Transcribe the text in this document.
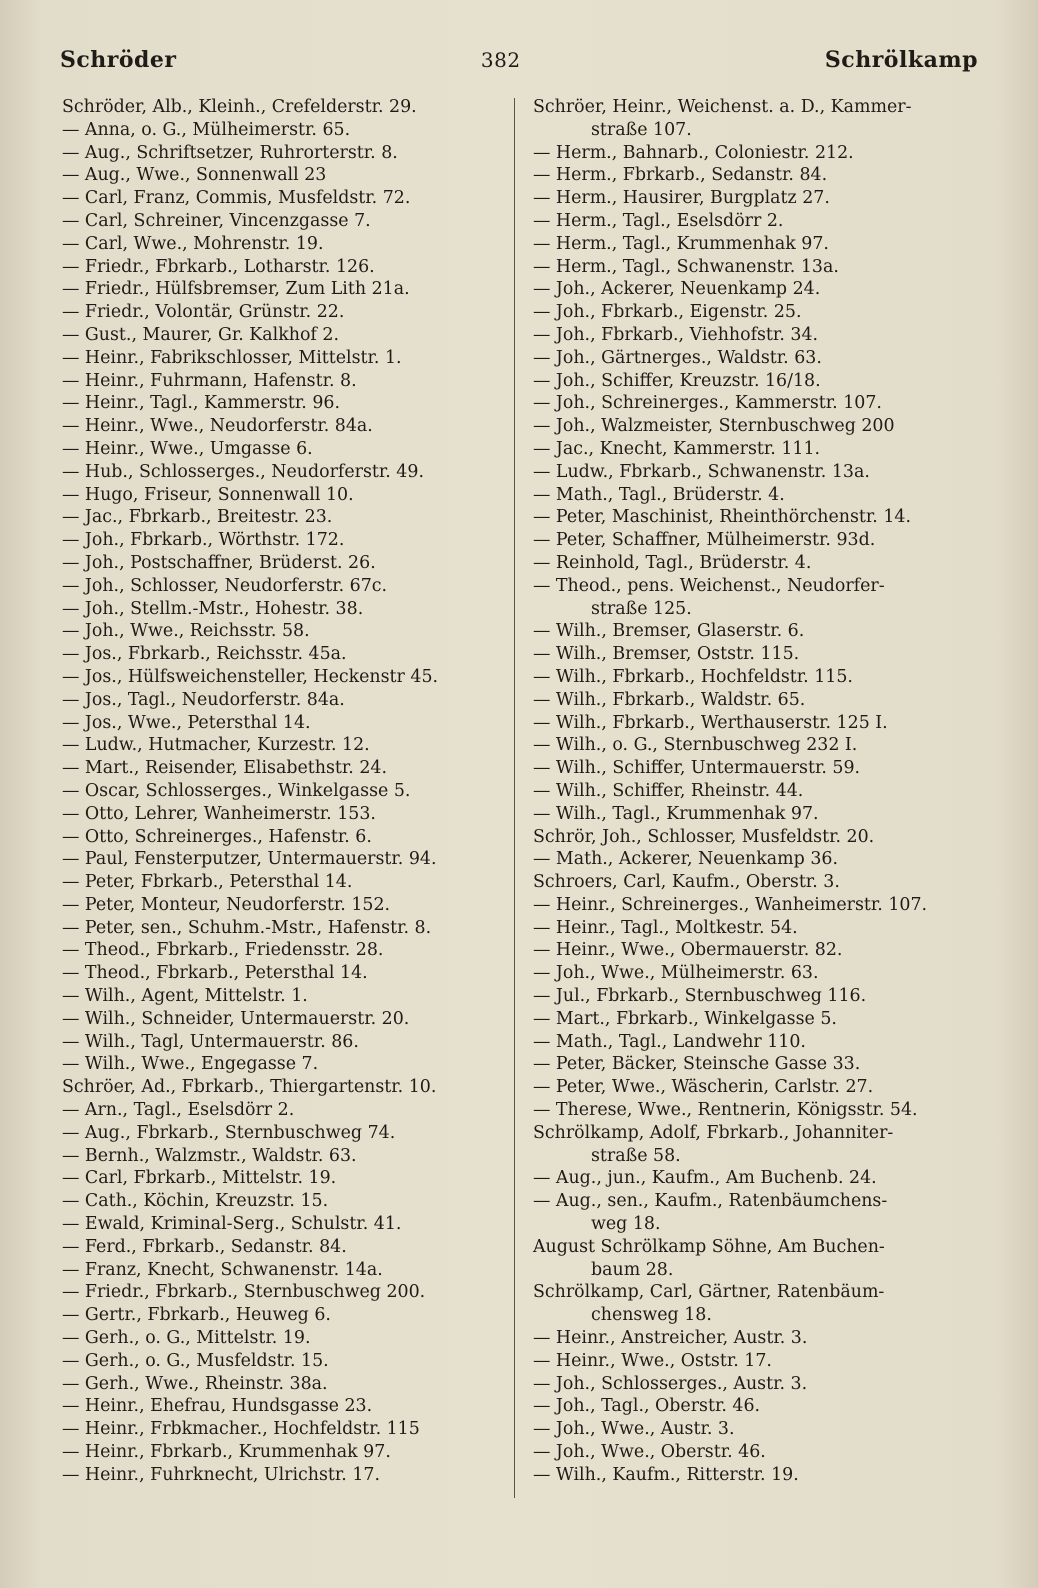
Schröder	382	Schrölkamp
Schröder, Alb., Kleinh., Crefelderstr. 29.
— Anna, o. G., Mülheimerstr. 65.
— Aug., Schriftsetzer, Ruhrorterstr. 8.
— Aug., Wwe., Sonnenwall 23
— Carl, Franz, Commis, Musfeldstr. 72.
— Carl, Schreiner, Vincenzgasse 7.
— Carl, Wwe., Mohrenstr. 19.
— Friedr., Fbrkarb., Lotharstr. 126.
— Friedr., Hülfsbremser, Zum Lith 21a.
— Friedr., Volontär, Grünstr. 22.
— Gust., Maurer, Gr. Kalkhof 2.
— Heinr., Fabrikschlosser, Mittelstr. 1.
— Heinr., Fuhrmann, Hafenstr. 8.
— Heinr., Tagl., Kammerstr. 96.
— Heinr., Wwe., Neudorferstr. 84a.
— Heinr., Wwe., Umgasse 6.
— Hub., Schlosserges., Neudorferstr. 49.
— Hugo, Friseur, Sonnenwall 10.
— Jac., Fbrkarb., Breitestr. 23.
— Joh., Fbrkarb., Wörthstr. 172.
— Joh., Postschaffner, Brüderst. 26.
— Joh., Schlosser, Neudorferstr. 67c.
— Joh., Stellm.-Mstr., Hohestr. 38.
— Joh., Wwe., Reichsstr. 58.
— Jos., Fbrkarb., Reichsstr. 45a.
— Jos., Hülfsweichensteller, Heckenstr 45.
— Jos., Tagl., Neudorferstr. 84a.
— Jos., Wwe., Petersthal 14.
— Ludw., Hutmacher, Kurzestr. 12.
— Mart., Reisender, Elisabethstr. 24.
— Oscar, Schlosserges., Winkelgasse 5.
— Otto, Lehrer, Wanheimerstr. 153.
— Otto, Schreinerges., Hafenstr. 6.
— Paul, Fensterputzer, Untermauerstr. 94.
— Peter, Fbrkarb., Petersthal 14.
— Peter, Monteur, Neudorferstr. 152.
— Peter, sen., Schuhm.-Mstr., Hafenstr. 8.
— Theod., Fbrkarb., Friedensstr. 28.
— Theod., Fbrkarb., Petersthal 14.
— Wilh., Agent, Mittelstr. 1.
— Wilh., Schneider, Untermauerstr. 20.
— Wilh., Tagl, Untermauerstr. 86.
— Wilh., Wwe., Engegasse 7.
Schröer, Ad., Fbrkarb., Thiergartenstr. 10.
— Arn., Tagl., Eselsdörr 2.
— Aug., Fbrkarb., Sternbuschweg 74.
— Bernh., Walzmstr., Waldstr. 63.
— Carl, Fbrkarb., Mittelstr. 19.
— Cath., Köchin, Kreuzstr. 15.
— Ewald, Kriminal-Serg., Schulstr. 41.
— Ferd., Fbrkarb., Sedanstr. 84.
— Franz, Knecht, Schwanenstr. 14a.
— Friedr., Fbrkarb., Sternbuschweg 200.
— Gertr., Fbrkarb., Heuweg 6.
— Gerh., o. G., Mittelstr. 19.
— Gerh., o. G., Musfeldstr. 15.
— Gerh., Wwe., Rheinstr. 38a.
— Heinr., Ehefrau, Hundsgasse 23.
— Heinr., Frbkmacher., Hochfeldstr. 115
— Heinr., Fbrkarb., Krummenhak 97.
— Heinr., Fuhrknecht, Ulrichstr. 17.
Schröer, Heinr., Weichenst. a. D., Kammer-
straße 107.
— Herm., Bahnarb., Coloniestr. 212.
— Herm., Fbrkarb., Sedanstr. 84.
— Herm., Hausirer, Burgplatz 27.
— Herm., Tagl., Eselsdörr 2.
— Herm., Tagl., Krummenhak 97.
— Herm., Tagl., Schwanenstr. 13a.
— Joh., Ackerer, Neuenkamp 24.
— Joh., Fbrkarb., Eigenstr. 25.
— Joh., Fbrkarb., Viehhofstr. 34.
— Joh., Gärtnerges., Waldstr. 63.
— Joh., Schiffer, Kreuzstr. 16/18.
— Joh., Schreinerges., Kammerstr. 107.
— Joh., Walzmeister, Sternbuschweg 200
— Jac., Knecht, Kammerstr. 111.
— Ludw., Fbrkarb., Schwanenstr. 13a.
— Math., Tagl., Brüderstr. 4.
— Peter, Maschinist, Rheinthörchenstr. 14.
— Peter, Schaffner, Mülheimerstr. 93d.
— Reinhold, Tagl., Brüderstr. 4.
— Theod., pens. Weichenst., Neudorfer-
straße 125.
— Wilh., Bremser, Glaserstr. 6.
— Wilh., Bremser, Oststr. 115.
— Wilh., Fbrkarb., Hochfeldstr. 115.
— Wilh., Fbrkarb., Waldstr. 65.
— Wilh., Fbrkarb., Werthauserstr. 125 I.
— Wilh., o. G., Sternbuschweg 232 I.
— Wilh., Schiffer, Untermauerstr. 59.
— Wilh., Schiffer, Rheinstr. 44.
— Wilh., Tagl., Krummenhak 97.
Schrör, Joh., Schlosser, Musfeldstr. 20.
— Math., Ackerer, Neuenkamp 36.
Schroers, Carl, Kaufm., Oberstr. 3.
— Heinr., Schreinerges., Wanheimerstr. 107.
— Heinr., Tagl., Moltkestr. 54.
— Heinr., Wwe., Obermauerstr. 82.
— Joh., Wwe., Mülheimerstr. 63.
— Jul., Fbrkarb., Sternbuschweg 116.
— Mart., Fbrkarb., Winkelgasse 5.
— Math., Tagl., Landwehr 110.
— Peter, Bäcker, Steinsche Gasse 33.
— Peter, Wwe., Wäscherin, Carlstr. 27.
— Therese, Wwe., Rentnerin, Königsstr. 54.
Schrölkamp, Adolf, Fbrkarb., Johanniter-
straße 58.
— Aug., jun., Kaufm., Am Buchenb. 24.
— Aug., sen., Kaufm., Ratenbäumchens-
weg 18.
August Schrölkamp Söhne, Am Buchen-
baum 28.
Schrölkamp, Carl, Gärtner, Ratenbäum-
chensweg 18.
— Heinr., Anstreicher, Austr. 3.
— Heinr., Wwe., Oststr. 17.
— Joh., Schlosserges., Austr. 3.
— Joh., Tagl., Oberstr. 46.
— Joh., Wwe., Austr. 3.
— Joh., Wwe., Oberstr. 46.
— Wilh., Kaufm., Ritterstr. 19.
